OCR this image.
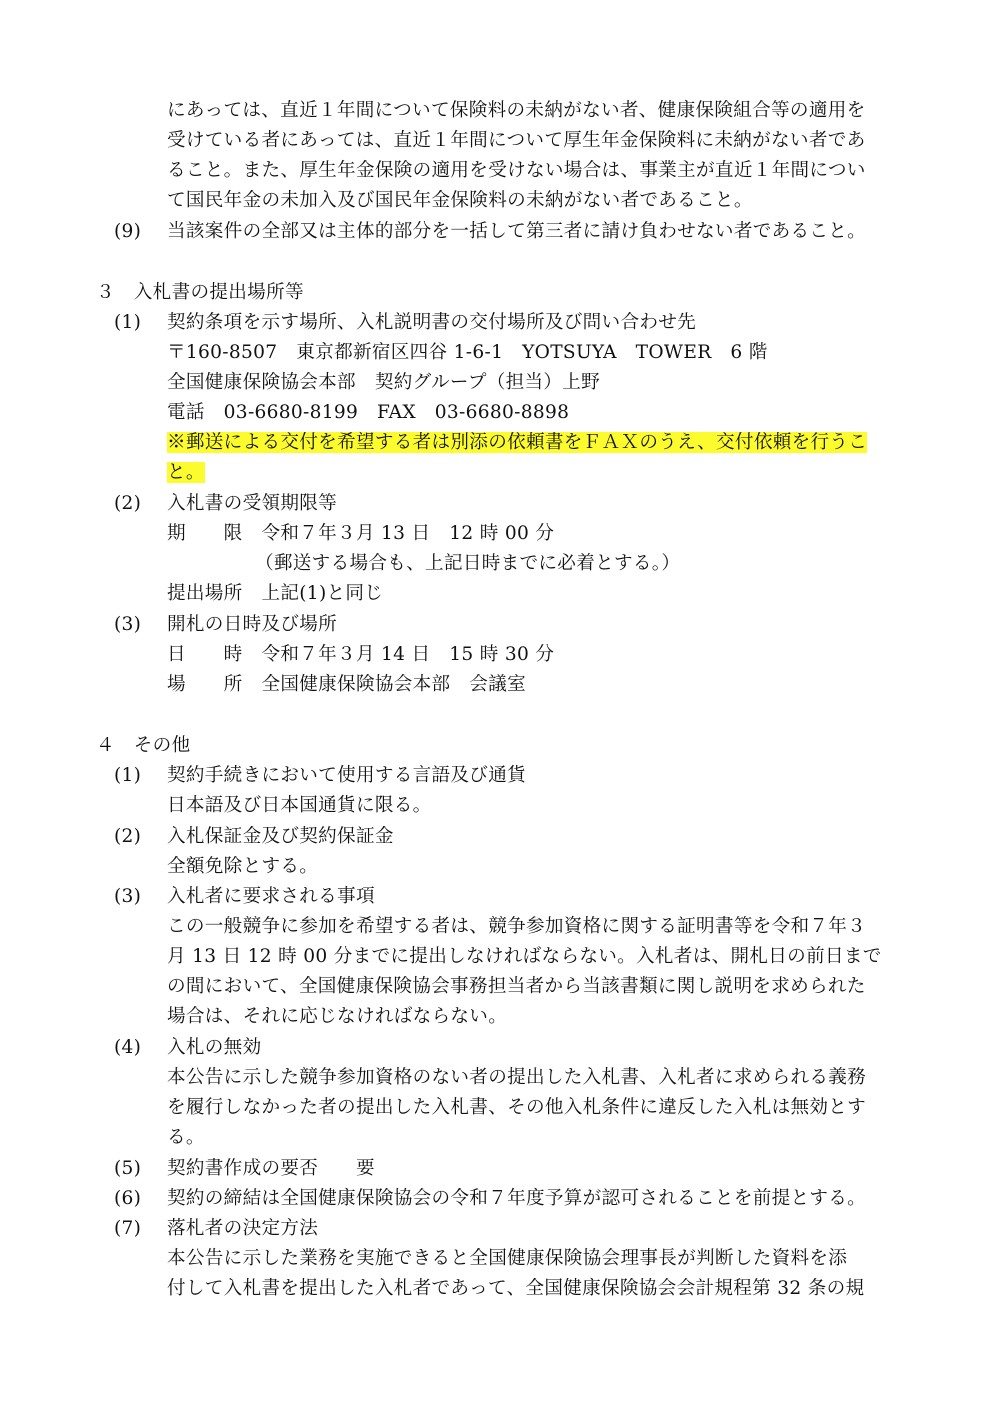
にあっては、直近１年間について保険料の未納がない者、健康保険組合等の適用を
受けている者にあっては、直近１年間について厚生年金保険料に未納がない者であ
ること。また、厚生年金保険の適用を受けない場合は、事業主が直近１年間につい
て国民年金の未加入及び国民年金保険料の未納がない者であること。
(9) 当該案件の全部又は主体的部分を一括して第三者に請け負わせない者であること。
３　入札書の提出場所等
(1) 契約条項を示す場所、入札説明書の交付場所及び問い合わせ先
〒160-8507　東京都新宿区四谷 1-6-1　YOTSUYA　TOWER　6 階
全国健康保険協会本部　契約グループ（担当）上野
電話　03-6680-8199　FAX　03-6680-8898
※郵送による交付を希望する者は別添の依頼書をＦＡＸのうえ、交付依頼を行うこ
と。
(2) 入札書の受領期限等
期　　限　令和７年３月 13 日　12 時 00 分
（郵送する場合も、上記日時までに必着とする。）
提出場所　上記(1)と同じ
(3) 開札の日時及び場所
日　　時　令和７年３月 14 日　15 時 30 分
場　　所　全国健康保険協会本部　会議室
４　その他
(1) 契約手続きにおいて使用する言語及び通貨
日本語及び日本国通貨に限る。
(2) 入札保証金及び契約保証金
全額免除とする。
(3) 入札者に要求される事項
この一般競争に参加を希望する者は、競争参加資格に関する証明書等を令和７年３
月 13 日 12 時 00 分までに提出しなければならない。入札者は、開札日の前日まで
の間において、全国健康保険協会事務担当者から当該書類に関し説明を求められた
場合は、それに応じなければならない。
(4) 入札の無効
本公告に示した競争参加資格のない者の提出した入札書、入札者に求められる義務
を履行しなかった者の提出した入札書、その他入札条件に違反した入札は無効とす
る。
(5) 契約書作成の要否　　要
(6) 契約の締結は全国健康保険協会の令和７年度予算が認可されることを前提とする。
(7) 落札者の決定方法
本公告に示した業務を実施できると全国健康保険協会理事長が判断した資料を添
付して入札書を提出した入札者であって、全国健康保険協会会計規程第 32 条の規
